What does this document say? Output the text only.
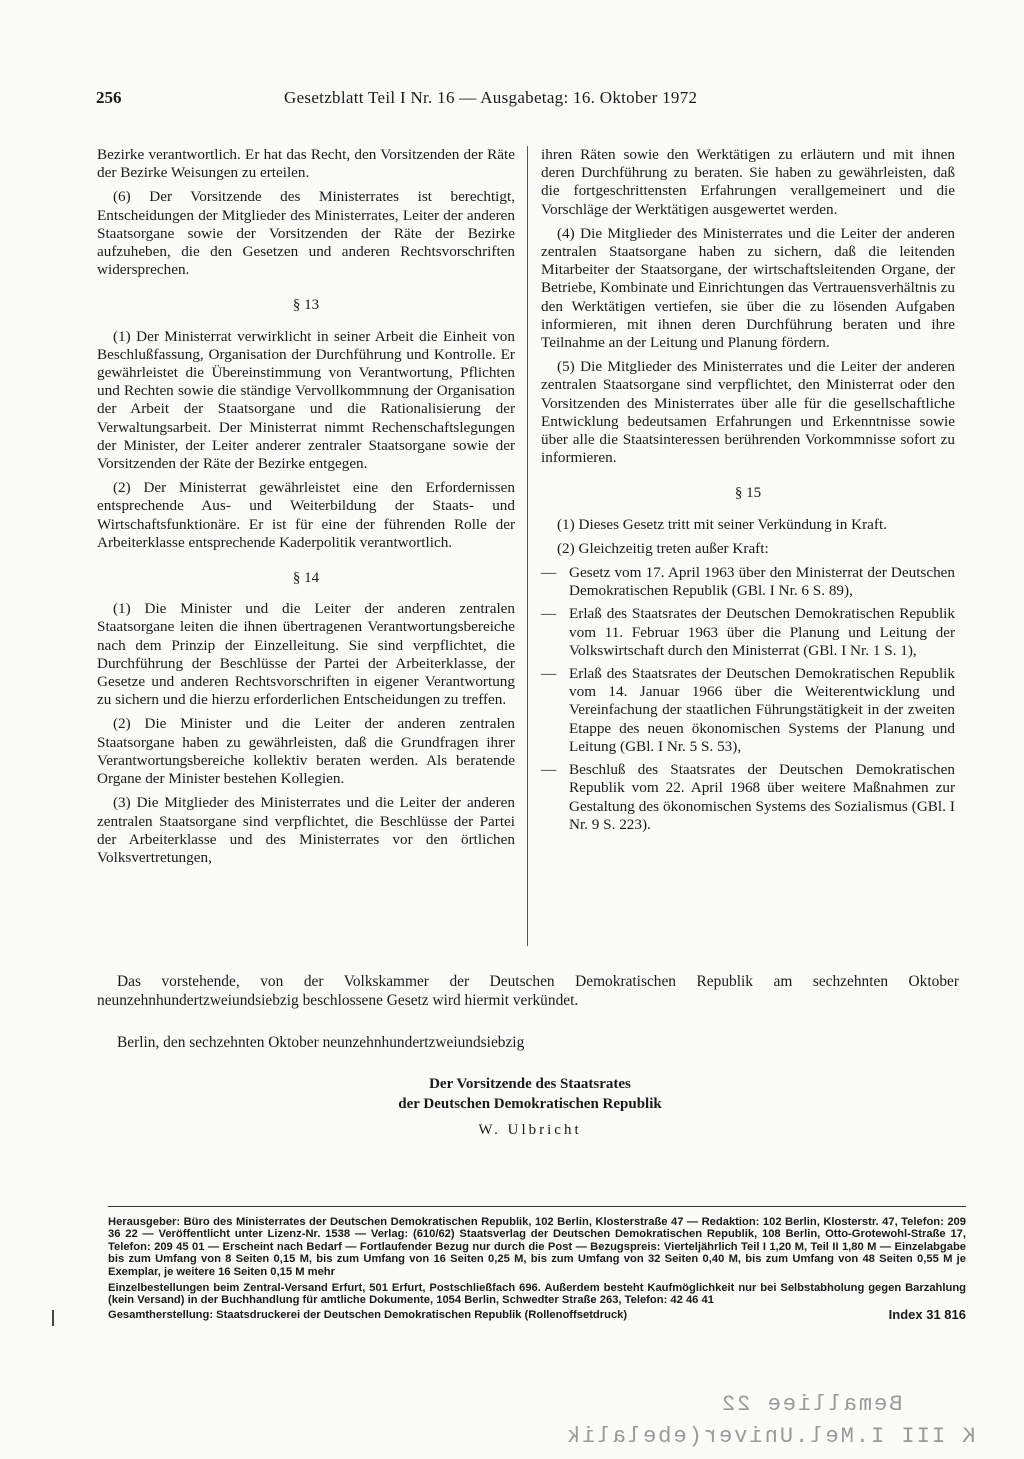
256	Gesetzblatt Teil I Nr. 16 — Ausgabetag: 16. Oktober 1972

Bezirke verantwortlich. Er hat das Recht, den Vorsitzenden der Räte der Bezirke Weisungen zu erteilen.

(6) Der Vorsitzende des Ministerrates ist berechtigt, Entscheidungen der Mitglieder des Ministerrates, Leiter der anderen Staatsorgane sowie der Vorsitzenden der Räte der Bezirke aufzuheben, die den Gesetzen und anderen Rechtsvorschriften widersprechen.

§ 13

(1) Der Ministerrat verwirklicht in seiner Arbeit die Einheit von Beschlußfassung, Organisation der Durchführung und Kontrolle. Er gewährleistet die Übereinstimmung von Verantwortung, Pflichten und Rechten sowie die ständige Vervollkommnung der Organisation der Arbeit der Staatsorgane und die Rationalisierung der Verwaltungsarbeit. Der Ministerrat nimmt Rechenschaftslegungen der Minister, der Leiter anderer zentraler Staatsorgane sowie der Vorsitzenden der Räte der Bezirke entgegen.

(2) Der Ministerrat gewährleistet eine den Erfordernissen entsprechende Aus- und Weiterbildung der Staats- und Wirtschaftsfunktionäre. Er ist für eine der führenden Rolle der Arbeiterklasse entsprechende Kaderpolitik verantwortlich.

§ 14

(1) Die Minister und die Leiter der anderen zentralen Staatsorgane leiten die ihnen übertragenen Verantwortungsbereiche nach dem Prinzip der Einzelleitung. Sie sind verpflichtet, die Durchführung der Beschlüsse der Partei der Arbeiterklasse, der Gesetze und anderen Rechtsvorschriften in eigener Verantwortung zu sichern und die hierzu erforderlichen Entscheidungen zu treffen.

(2) Die Minister und die Leiter der anderen zentralen Staatsorgane haben zu gewährleisten, daß die Grundfragen ihrer Verantwortungsbereiche kollektiv beraten werden. Als beratende Organe der Minister bestehen Kollegien.

(3) Die Mitglieder des Ministerrates und die Leiter der anderen zentralen Staatsorgane sind verpflichtet, die Beschlüsse der Partei der Arbeiterklasse und des Ministerrates vor den örtlichen Volksvertretungen,

ihren Räten sowie den Werktätigen zu erläutern und mit ihnen deren Durchführung zu beraten. Sie haben zu gewährleisten, daß die fortgeschrittensten Erfahrungen verallgemeinert und die Vorschläge der Werktätigen ausgewertet werden.

(4) Die Mitglieder des Ministerrates und die Leiter der anderen zentralen Staatsorgane haben zu sichern, daß die leitenden Mitarbeiter der Staatsorgane, der wirtschaftsleitenden Organe, der Betriebe, Kombinate und Einrichtungen das Vertrauensverhältnis zu den Werktätigen vertiefen, sie über die zu lösenden Aufgaben informieren, mit ihnen deren Durchführung beraten und ihre Teilnahme an der Leitung und Planung fördern.

(5) Die Mitglieder des Ministerrates und die Leiter der anderen zentralen Staatsorgane sind verpflichtet, den Ministerrat oder den Vorsitzenden des Ministerrates über alle für die gesellschaftliche Entwicklung bedeutsamen Erfahrungen und Erkenntnisse sowie über alle die Staatsinteressen berührenden Vorkommnisse sofort zu informieren.

§ 15

(1) Dieses Gesetz tritt mit seiner Verkündung in Kraft.

(2) Gleichzeitig treten außer Kraft:

— Gesetz vom 17. April 1963 über den Ministerrat der Deutschen Demokratischen Republik (GBl. I Nr. 6 S. 89),
— Erlaß des Staatsrates der Deutschen Demokratischen Republik vom 11. Februar 1963 über die Planung und Leitung der Volkswirtschaft durch den Ministerrat (GBl. I Nr. 1 S. 1),
— Erlaß des Staatsrates der Deutschen Demokratischen Republik vom 14. Januar 1966 über die Weiterentwicklung und Vereinfachung der staatlichen Führungstätigkeit in der zweiten Etappe des neuen ökonomischen Systems der Planung und Leitung (GBl. I Nr. 5 S. 53),
— Beschluß des Staatsrates der Deutschen Demokratischen Republik vom 22. April 1968 über weitere Maßnahmen zur Gestaltung des ökonomischen Systems des Sozialismus (GBl. I Nr. 9 S. 223).

Das vorstehende, von der Volkskammer der Deutschen Demokratischen Republik am sechzehnten Oktober neunzehnhundertzweiundsiebzig beschlossene Gesetz wird hiermit verkündet.

Berlin, den sechzehnten Oktober neunzehnhundertzweiundsiebzig

Der Vorsitzende des Staatsrates
der Deutschen Demokratischen Republik
W. Ulbricht

Herausgeber: Büro des Ministerrates der Deutschen Demokratischen Republik, 102 Berlin, Klosterstraße 47 — Redaktion: 102 Berlin, Klosterstr. 47, Telefon: 209 36 22 — Veröffentlicht unter Lizenz-Nr. 1538 — Verlag: (610/62) Staatsverlag der Deutschen Demokratischen Republik, 108 Berlin, Otto-Grotewohl-Straße 17, Telefon: 209 45 01 — Erscheint nach Bedarf — Fortlaufender Bezug nur durch die Post — Bezugspreis: Vierteljährlich Teil I 1,20 M, Teil II 1,80 M — Einzelabgabe bis zum Umfang von 8 Seiten 0,15 M, bis zum Umfang von 16 Seiten 0,25 M, bis zum Umfang von 32 Seiten 0,40 M, bis zum Umfang von 48 Seiten 0,55 M je Exemplar, je weitere 16 Seiten 0,15 M mehr

Einzelbestellungen beim Zentral-Versand Erfurt, 501 Erfurt, Postschließfach 696. Außerdem besteht Kaufmöglichkeit nur bei Selbstabholung gegen Barzahlung (kein Versand) in der Buchhandlung für amtliche Dokumente, 1054 Berlin, Schwedter Straße 263, Telefon: 42 46 41

Gesamtherstellung: Staatsdruckerei der Deutschen Demokratischen Republik (Rollenoffsetdruck)	Index 31 816
Bemalliee 22
K III I.Mel.Univer(ebelalik
